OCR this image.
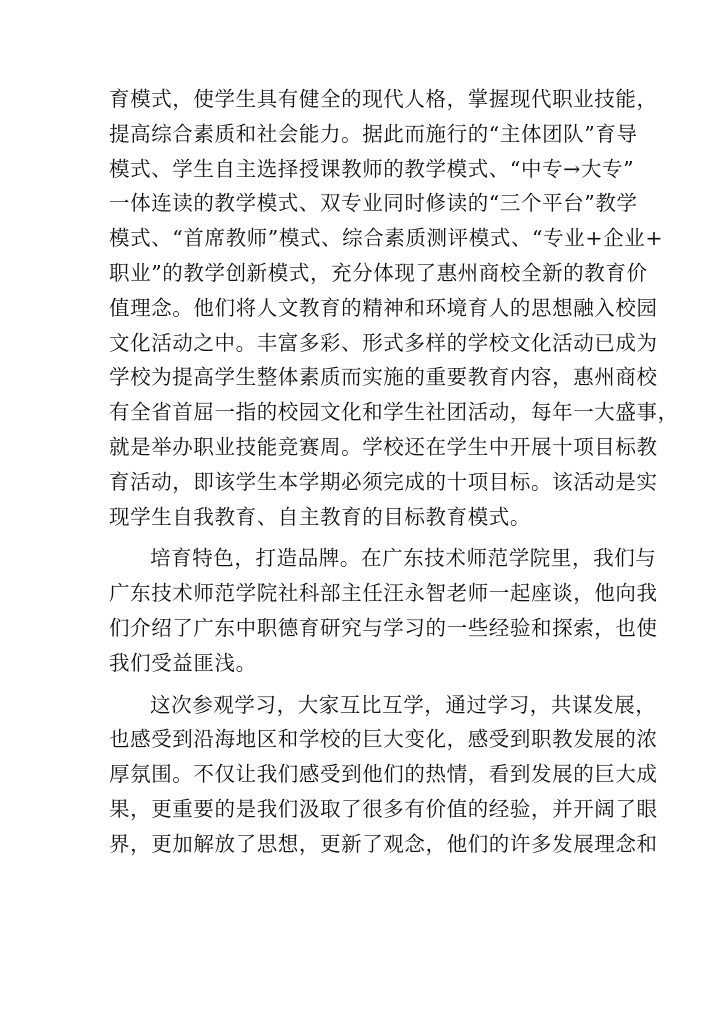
育模式，使学生具有健全的现代人格，掌握现代职业技能，
提高综合素质和社会能力。据此而施行的“主体团队”育导
模式、学生自主选择授课教师的教学模式、“中专→大专”
一体连读的教学模式、双专业同时修读的“三个平台”教学
模式、“首席教师”模式、综合素质测评模式、“专业+企业+
职业”的教学创新模式，充分体现了惠州商校全新的教育价
值理念。他们将人文教育的精神和环境育人的思想融入校园
文化活动之中。丰富多彩、形式多样的学校文化活动已成为
学校为提高学生整体素质而实施的重要教育内容，惠州商校
有全省首屈一指的校园文化和学生社团活动，每年一大盛事，
就是举办职业技能竞赛周。学校还在学生中开展十项目标教
育活动，即该学生本学期必须完成的十项目标。该活动是实
现学生自我教育、自主教育的目标教育模式。
培育特色，打造品牌。在广东技术师范学院里，我们与
广东技术师范学院社科部主任汪永智老师一起座谈，他向我
们介绍了广东中职德育研究与学习的一些经验和探索，也使
我们受益匪浅。
这次参观学习，大家互比互学，通过学习，共谋发展，
也感受到沿海地区和学校的巨大变化，感受到职教发展的浓
厚氛围。不仅让我们感受到他们的热情，看到发展的巨大成
果，更重要的是我们汲取了很多有价值的经验，并开阔了眼
界，更加解放了思想，更新了观念，他们的许多发展理念和
